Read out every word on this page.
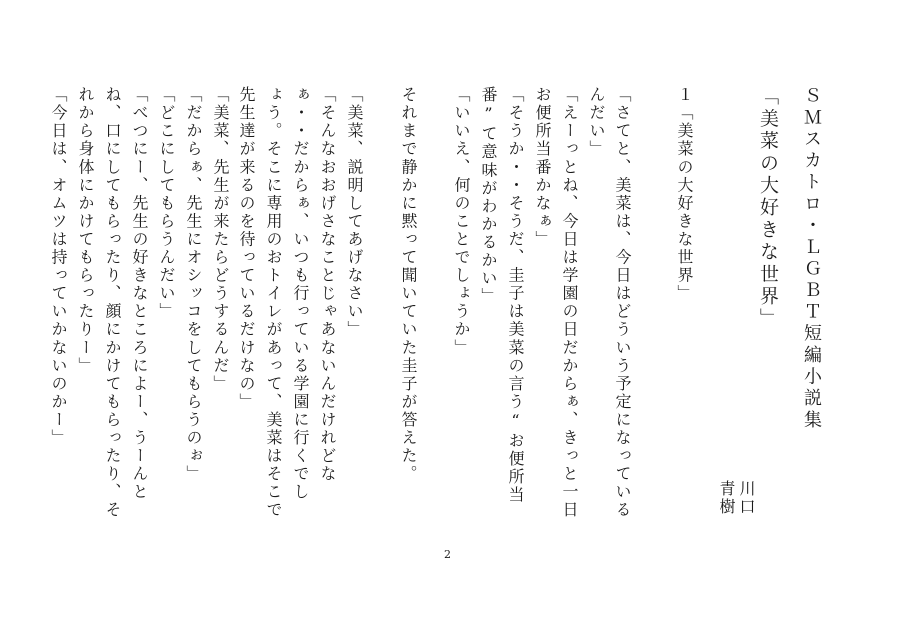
ＳＭスカトロ・ＬＧＢＴ短編小説集
「美菜の大好きな世界」
川口
青樹
１「美菜の大好きな世界」
「さてと、美菜は、今日はどういう予定になっている
んだい」
「えーっとね、今日は学園の日だからぁ、きっと一日
お便所当番かなぁ」
「そうか・・そうだ、圭子は美菜の言う“お便所当
番”て意味がわかるかい」
「いいえ、何のことでしょうか」
それまで静かに黙って聞いていた圭子が答えた。
「美菜、説明してあげなさい」
「そんなおおげさなことじゃあないんだけれどな
ぁ・・だからぁ、いつも行っている学園に行くでし
ょう。そこに専用のおトイレがあって、美菜はそこで
先生達が来るのを待っているだけなの」
「美菜、先生が来たらどうするんだ」
「だからぁ、先生にオシッコをしてもらうのぉ」
「どこにしてもらうんだい」
「べつにー、先生の好きなところによー、うーんと
ね、口にしてもらったり、顔にかけてもらったり、そ
れから身体にかけてもらったりー」
「今日は、オムツは持っていかないのかー」
2
